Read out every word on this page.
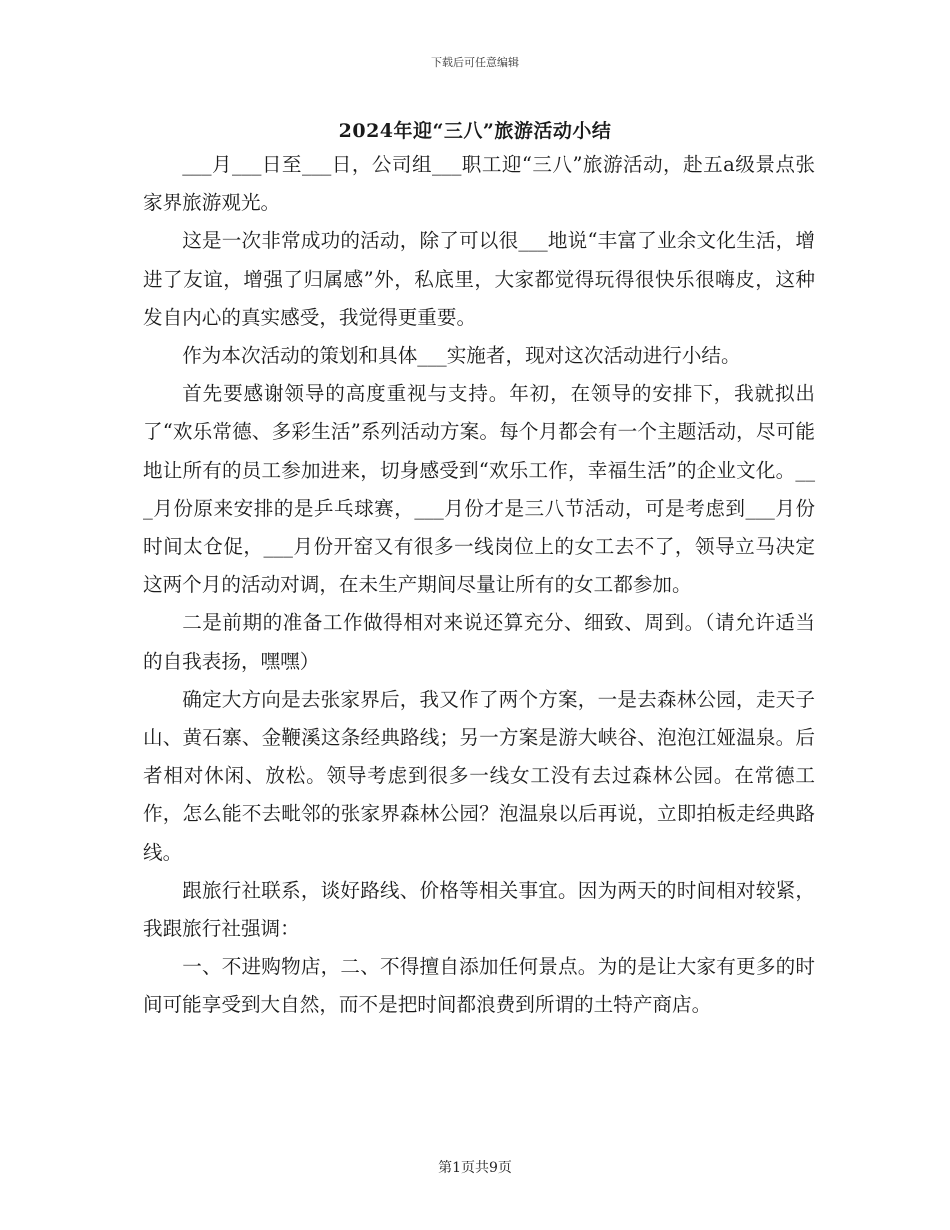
下载后可任意编辑
2024年迎“三八”旅游活动小结

___月___日至___日，公司组___职工迎“三八”旅游活动，赴五a级景点张家界旅游观光。

这是一次非常成功的活动，除了可以很___地说“丰富了业余文化生活，增进了友谊，增强了归属感”外，私底里，大家都觉得玩得很快乐很嗨皮，这种发自内心的真实感受，我觉得更重要。

作为本次活动的策划和具体___实施者，现对这次活动进行小结。

首先要感谢领导的高度重视与支持。年初，在领导的安排下，我就拟出了“欢乐常德、多彩生活”系列活动方案。每个月都会有一个主题活动，尽可能地让所有的员工参加进来，切身感受到“欢乐工作，幸福生活”的企业文化。___月份原来安排的是乒乓球赛，___月份才是三八节活动，可是考虑到___月份时间太仓促，___月份开窑又有很多一线岗位上的女工去不了，领导立马决定这两个月的活动对调，在未生产期间尽量让所有的女工都参加。

二是前期的准备工作做得相对来说还算充分、细致、周到。（请允许适当的自我表扬，嘿嘿）

确定大方向是去张家界后，我又作了两个方案，一是去森林公园，走天子山、黄石寨、金鞭溪这条经典路线；另一方案是游大峡谷、泡泡江娅温泉。后者相对休闲、放松。领导考虑到很多一线女工没有去过森林公园。在常德工作，怎么能不去毗邻的张家界森林公园？泡温泉以后再说，立即拍板走经典路线。

跟旅行社联系，谈好路线、价格等相关事宜。因为两天的时间相对较紧，我跟旅行社强调：

一、不进购物店，二、不得擅自添加任何景点。为的是让大家有更多的时间可能享受到大自然，而不是把时间都浪费到所谓的土特产商店。

第1页共9页
